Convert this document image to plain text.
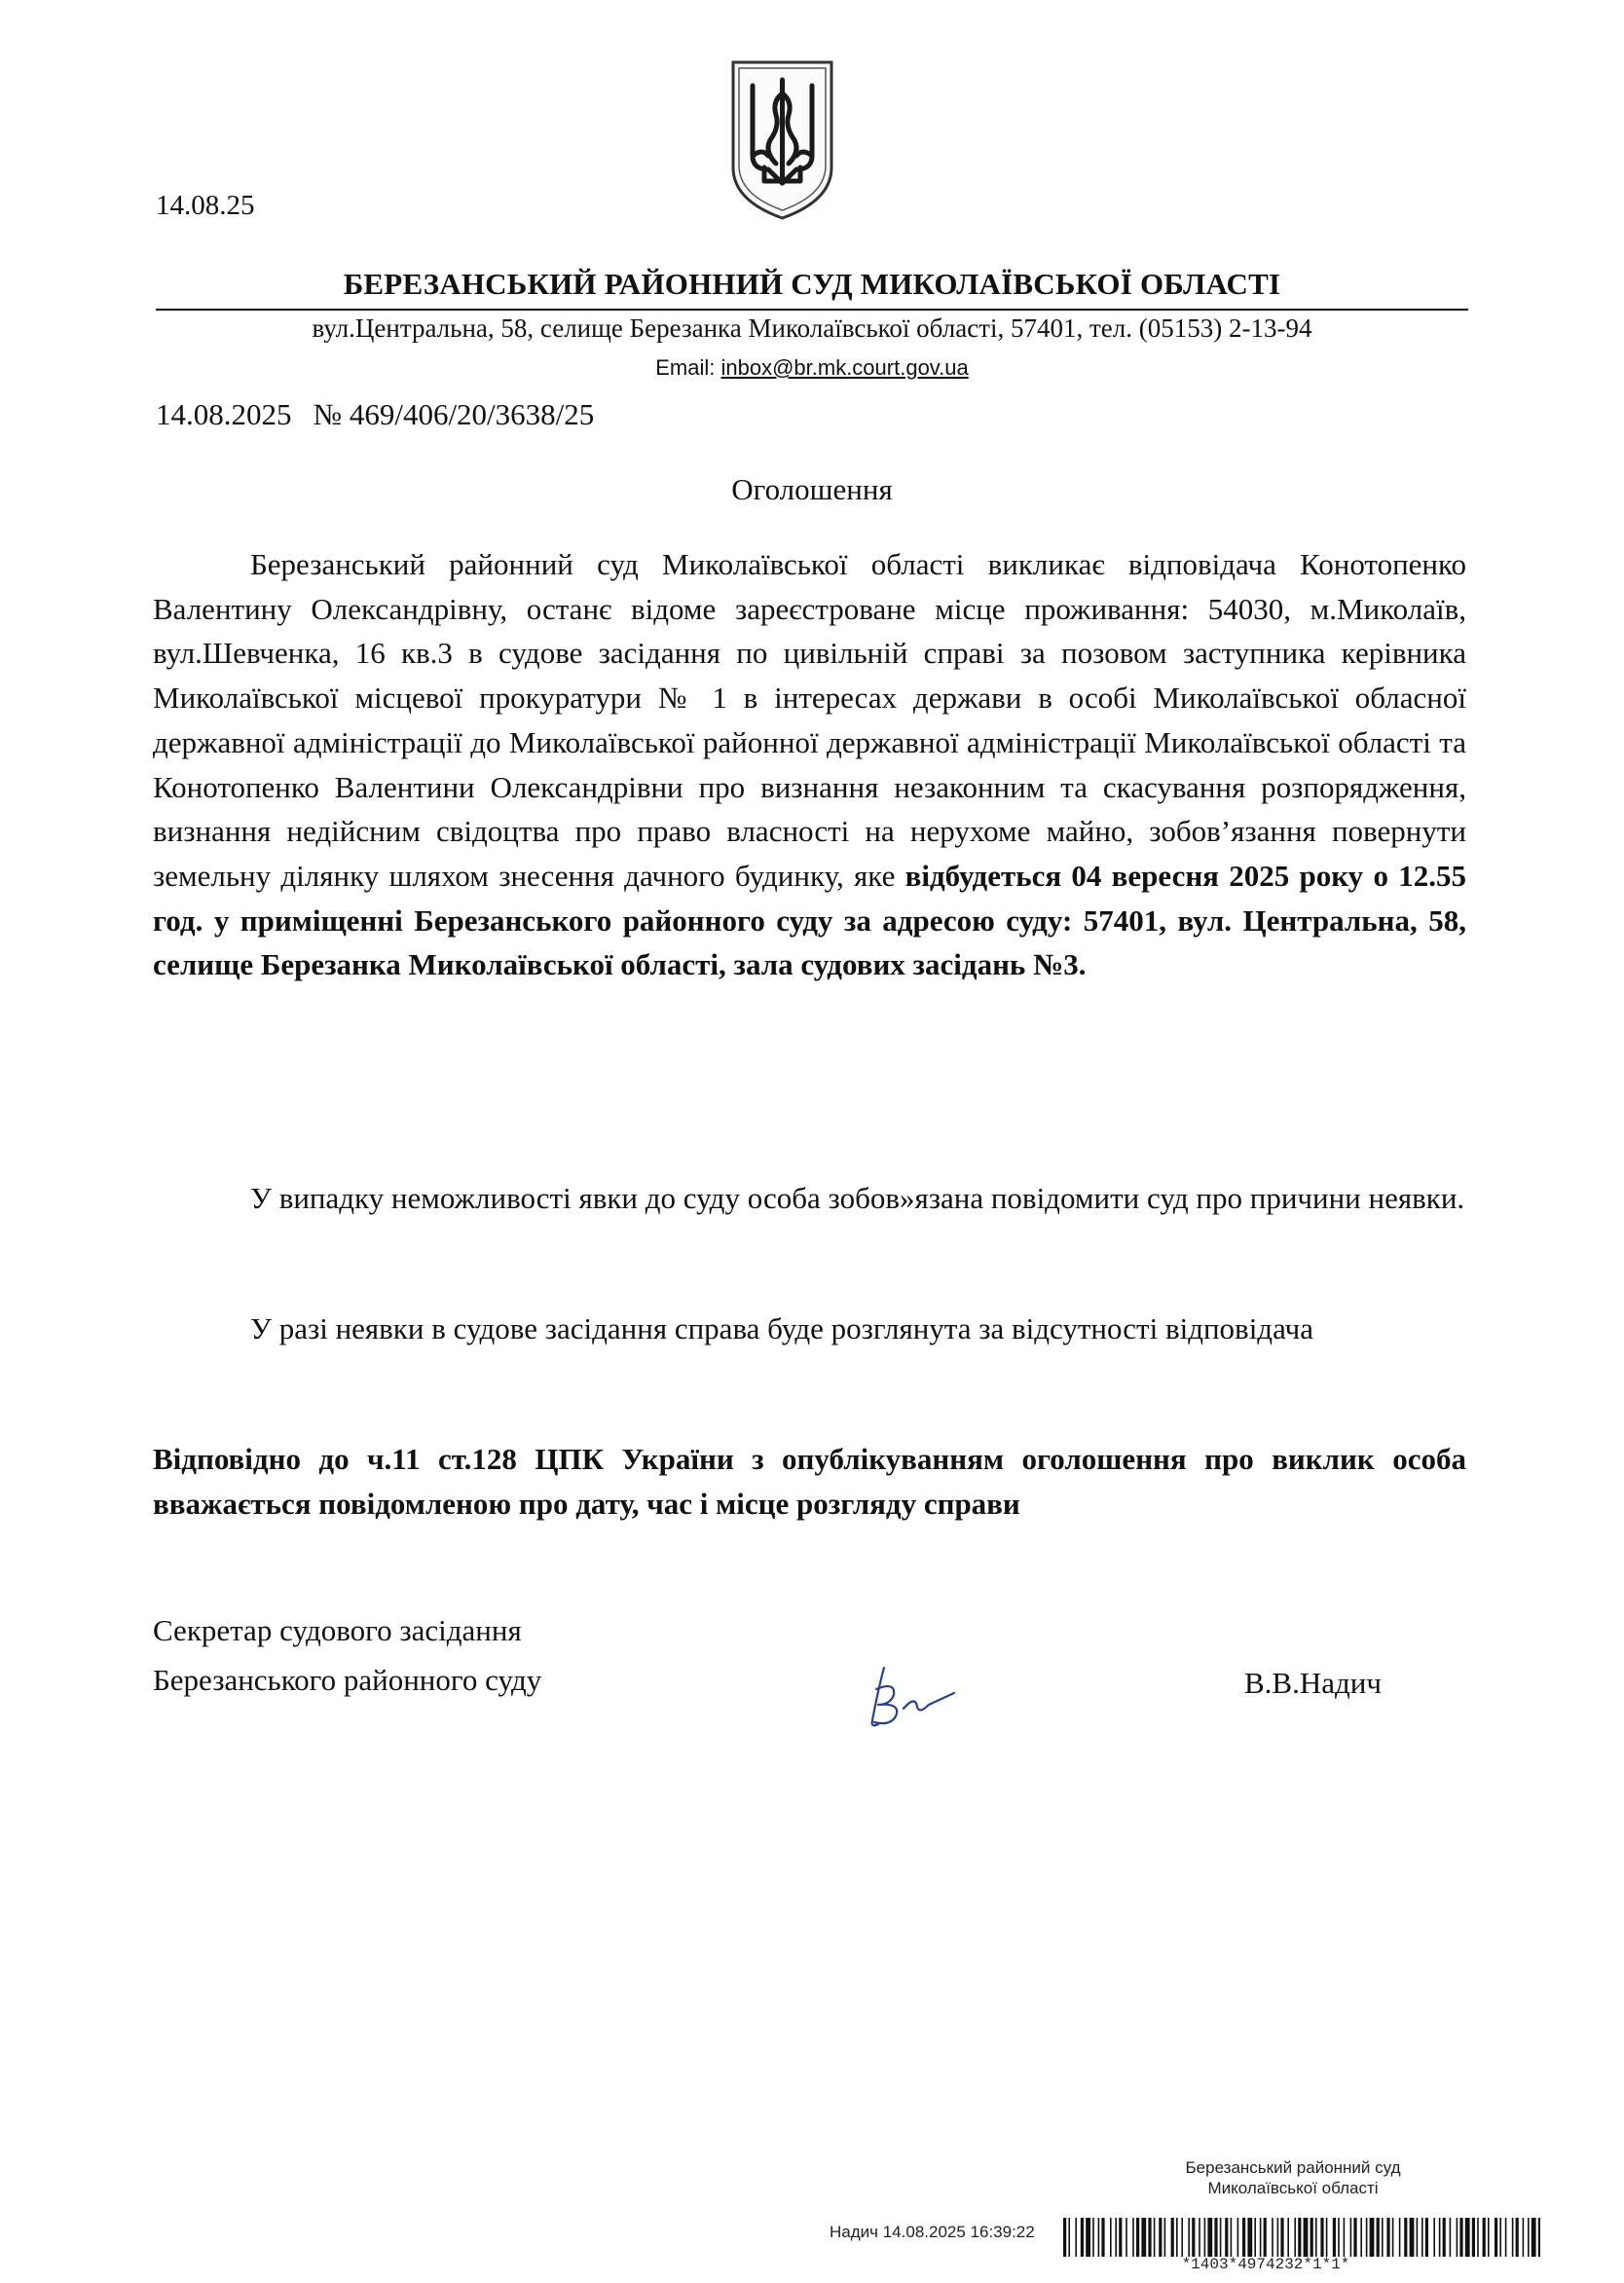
14.08.25
БЕРЕЗАНСЬКИЙ РАЙОННИЙ СУД МИКОЛАЇВСЬКОЇ ОБЛАСТІ
вул.Центральна, 58, селище Березанка Миколаївської області, 57401, тел. (05153) 2-13-94
Email: inbox@br.mk.court.gov.ua
14.08.2025 № 469/406/20/3638/25
Оголошення
Березанський районний суд Миколаївської області викликає відповідача Конотопенко Валентину Олександрівну, останє відоме зареєстроване місце проживання: 54030, м.Миколаїв, вул.Шевченка, 16 кв.3 в судове засідання по цивільній справі за позовом заступника керівника Миколаївської місцевої прокуратури № 1 в інтересах держави в особі Миколаївської обласної державної адміністрації до Миколаївської районної державної адміністрації Миколаївської області та Конотопенко Валентини Олександрівни про визнання незаконним та скасування розпорядження, визнання недійсним свідоцтва про право власності на нерухоме майно, зобов’язання повернути земельну ділянку шляхом знесення дачного будинку, яке відбудеться 04 вересня 2025 року о 12.55 год. у приміщенні Березанського районного суду за адресою суду: 57401, вул. Центральна, 58, селище Березанка Миколаївської області, зала судових засідань №3.
У випадку неможливості явки до суду особа зобов»язана повідомити суд про причини неявки.
У разі неявки в судове засідання справа буде розглянута за відсутності відповідача
Відповідно до ч.11 ст.128 ЦПК України з опублікуванням оголошення про виклик особа вважається повідомленою про дату, час і місце розгляду справи
Секретар судового засідання
Березанського районного суду	В.В.Надич
Березанський районний суд
Миколаївської області
Надич 14.08.2025 16:39:22
*1403*4974232*1*1*
